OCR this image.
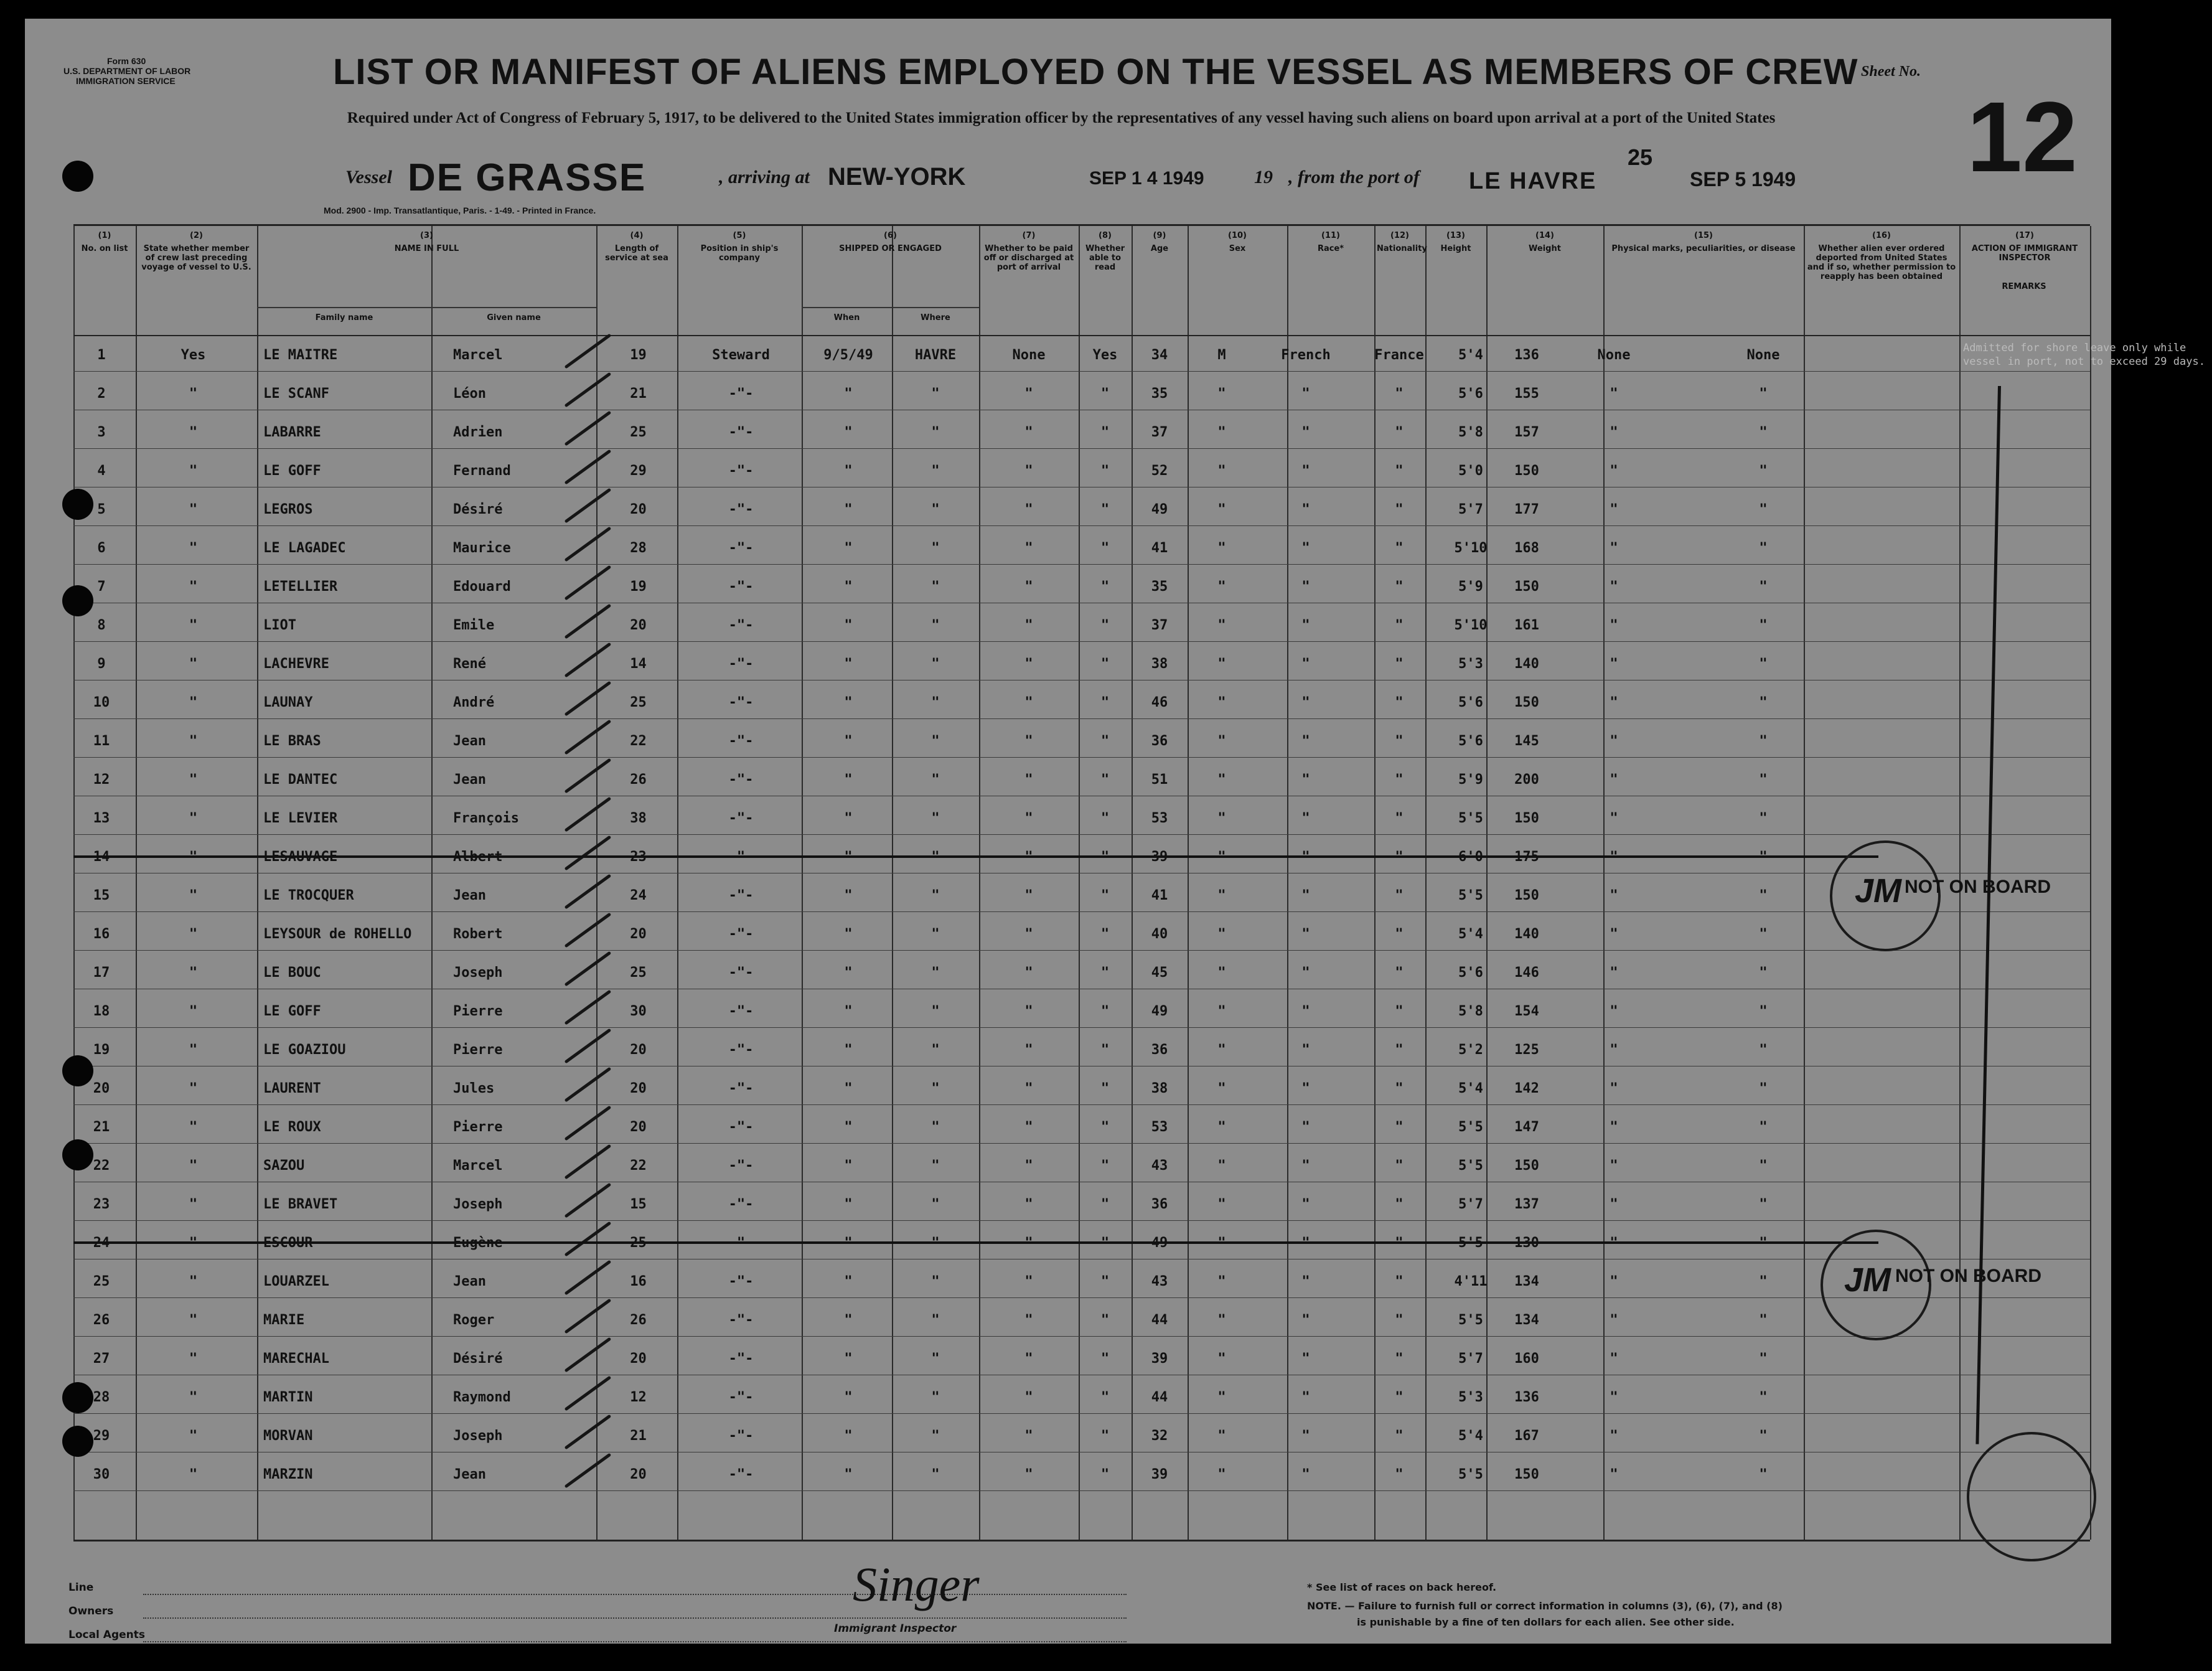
Form 630
U.S. DEPARTMENT OF LABOR
IMMIGRATION SERVICE	LIST OR MANIFEST OF ALIENS EMPLOYED ON THE VESSEL AS MEMBERS OF CREW Sheet No.
12
Required under Act of Congress of February 5, 1917, to be delivered to the United States immigration officer by the representatives of any vessel having such aliens on board upon arrival at a port of the United States
Vessel DE GRASSE	, arriving at NEW-YORK	SEP 1 4 1949	19 , from the port of LE HAVRE
25
SEP 5 1949
Mod. 2900 - Imp. Transatlantique, Paris. - 1-49. - Printed in France.
(1)
No. on list
(2)
State whether member of crew last preceding voyage of vessel to U.S.
(3)
NAME IN FULL
Family name	Given name
(4)
Length of service at sea
(5)
Position in ship's company
(6)
SHIPPED OR ENGAGED
When	Where
(7)
Whether to be paid off or discharged at port of arrival
(8)
Whether able to read
(9)
Age
(10)
Sex
(11)
Race*
(12)
Nationality
(13)
Height
(14)
Weight
(15)
Physical marks, peculiarities, or disease
(16)
Whether alien ever ordered deported from United States and if so, whether permission to reapply has been obtained
(17)
ACTION OF IMMIGRANT INSPECTOR
REMARKS
1	Yes	LE MAITRE	Marcel	19	Steward	9/5/49	HAVRE	None	Yes	34	M	French	France	5'4	136	None	None
2	"	LE SCANF	Léon	21	-"-	"	"	"	"	35	"	"	"	5'6	155	"	"
3	"	LABARRE	Adrien	25	-"-	"	"	"	"	37	"	"	"	5'8	157	"	"
4	"	LE GOFF	Fernand	29	-"-	"	"	"	"	52	"	"	"	5'0	150	"	"
5	"	LEGROS	Désiré	20	-"-	"	"	"	"	49	"	"	"	5'7	177	"	"
6	"	LE LAGADEC	Maurice	28	-"-	"	"	"	"	41	"	"	"	5'10	168	"	"
7	"	LETELLIER	Edouard	19	-"-	"	"	"	"	35	"	"	"	5'9	150	"	"
8	"	LIOT	Emile	20	-"-	"	"	"	"	37	"	"	"	5'10	161	"	"
9	"	LACHEVRE	René	14	-"-	"	"	"	"	38	"	"	"	5'3	140	"	"
10	"	LAUNAY	André	25	-"-	"	"	"	"	46	"	"	"	5'6	150	"	"
11	"	LE BRAS	Jean	22	-"-	"	"	"	"	36	"	"	"	5'6	145	"	"
12	"	LE DANTEC	Jean	26	-"-	"	"	"	"	51	"	"	"	5'9	200	"	"
13	"	LE LEVIER	François	38	-"-	"	"	"	"	53	"	"	"	5'5	150	"	"
15	"	LE TROCQUER	Jean	24	-"-	"	"	"	"	41	"	"	"	5'5	150	"	"
16	"	LEYSOUR de ROHELLO	Robert	20	-"-	"	"	"	"	40	"	"	"	5'4	140	"	"
17	"	LE BOUC	Joseph	25	-"-	"	"	"	"	45	"	"	"	5'6	146	"	"
18	"	LE GOFF	Pierre	30	-"-	"	"	"	"	49	"	"	"	5'8	154	"	"
19	"	LE GOAZIOU	Pierre	20	-"-	"	"	"	"	36	"	"	"	5'2	125	"	"
20	"	LAURENT	Jules	20	-"-	"	"	"	"	38	"	"	"	5'4	142	"	"
21	"	LE ROUX	Pierre	20	-"-	"	"	"	"	53	"	"	"	5'5	147	"	"
22	"	SAZOU	Marcel	22	-"-	"	"	"	"	43	"	"	"	5'5	150	"	"
23	"	LE BRAVET	Joseph	15	-"-	"	"	"	"	36	"	"	"	5'7	137	"	"
25	"	LOUARZEL	Jean	16	-"-	"	"	"	"	43	"	"	"	4'11	134	"	"
26	"	MARIE	Roger	26	-"-	"	"	"	"	44	"	"	"	5'5	134	"	"
27	"	MARECHAL	Désiré	20	-"-	"	"	"	"	39	"	"	"	5'7	160	"	"
28	"	MARTIN	Raymond	12	-"-	"	"	"	"	44	"	"	"	5'3	136	"	"
29	"	MORVAN	Joseph	21	-"-	"	"	"	"	32	"	"	"	5'4	167	"	"
30	"	MARZIN	Jean	20	-"-	"	"	"	"	39	"	"	"	5'5	150	"	"
Admitted for shore leave only while vessel in port, not to exceed 29 days.
Line
Owners
Local Agents
Singer
Immigrant Inspector
* See list of races on back hereof.
NOTE. — Failure to furnish full or correct information in columns (3), (6), (7), and (8)
is punishable by a fine of ten dollars for each alien. See other side.
JM NOT ON BOARD
JM NOT ON BOARD
